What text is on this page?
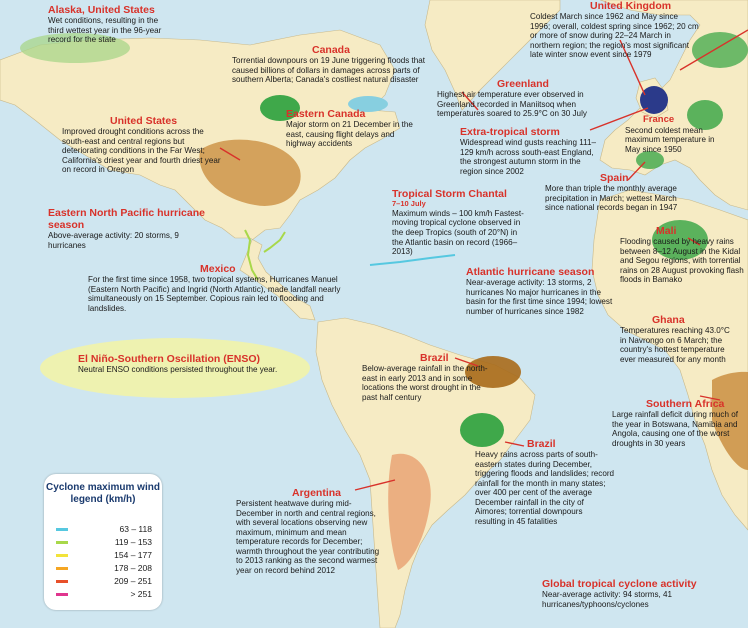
Alaska, United States
Wet conditions, resulting in the third wettest year in the 96-year record for the state
Canada
Torrential downpours on 19 June triggering floods that caused billions of dollars in damages across parts of southern Alberta; Canada's costliest natural disaster
Eastern Canada
Major storm on 21 December in the east, causing flight delays and highway accidents
United States
Improved drought conditions across the south-east and central regions but deteriorating conditions in the Far West; California's driest year and fourth driest year on record in Oregon
Eastern North Pacific hurricane season
Above-average activity: 20 storms, 9 hurricanes
Mexico
For the first time since 1958, two tropical systems, Hurricanes Manuel (Eastern North Pacific) and Ingrid (North Atlantic), made landfall nearly simultaneously on 15 September. Copious rain led to flooding and landslides.
El Niño-Southern Oscillation (ENSO)
Neutral ENSO conditions persisted throughout the year.
Greenland
Highest air temperature ever observed in Greenland recorded in Maniitsoq when temperatures soared to 25.9°C on 30 July
Extra-tropical storm
Widespread wind gusts reaching 111–129 km/h across south-east England, the strongest autumn storm in the region since 2002
United Kingdom
Coldest March since 1962 and May since 1996; overall, coldest spring since 1962; 20 cm or more of snow during 22–24 March in northern region; the region's most significant late winter snow event since 1979
France
Second coldest mean maximum temperature in May since 1950
Spain
More than triple the monthly average precipitation in March; wettest March since national records began in 1947
Tropical Storm Chantal
7–10 July
Maximum winds – 100 km/h Fastest-moving tropical cyclone observed in the deep Tropics (south of 20°N) in the Atlantic basin on record (1966–2013)
Atlantic hurricane season
Near-average activity: 13 storms, 2 hurricanes No major hurricanes in the basin for the first time since 1994; lowest number of hurricanes since 1982
Mali
Flooding caused by heavy rains between 8–12 August in the Kidal and Segou regions, with torrential rains on 28 August provoking flash floods in Bamako
Ghana
Temperatures reaching 43.0°C in Navrongo on 6 March; the country's hottest temperature ever measured for any month
Brazil
Below-average rainfall in the north-east in early 2013 and in some locations the worst drought in the past half century
Brazil
Heavy rains across parts of south-eastern states during December, triggering floods and landslides; record rainfall for the month in many states; over 400 per cent of the average December rainfall in the city of Aimores; torrential downpours resulting in 45 fatalities
Southern Africa
Large rainfall deficit during much of the year in Botswana, Namibia and Angola, causing one of the worst droughts in 30 years
Argentina
Persistent heatwave during mid-December in north and central regions, with several locations observing new maximum, minimum and mean temperature records for December; warmth throughout the year contributing to 2013 ranking as the second warmest year on record behind 2012
Global tropical cyclone activity
Near-average activity: 94 storms, 41 hurricanes/typhoons/cyclones
Cyclone maximum wind legend (km/h)
63 – 118
119 – 153
154 – 177
178 – 208
209 – 251
> 251
